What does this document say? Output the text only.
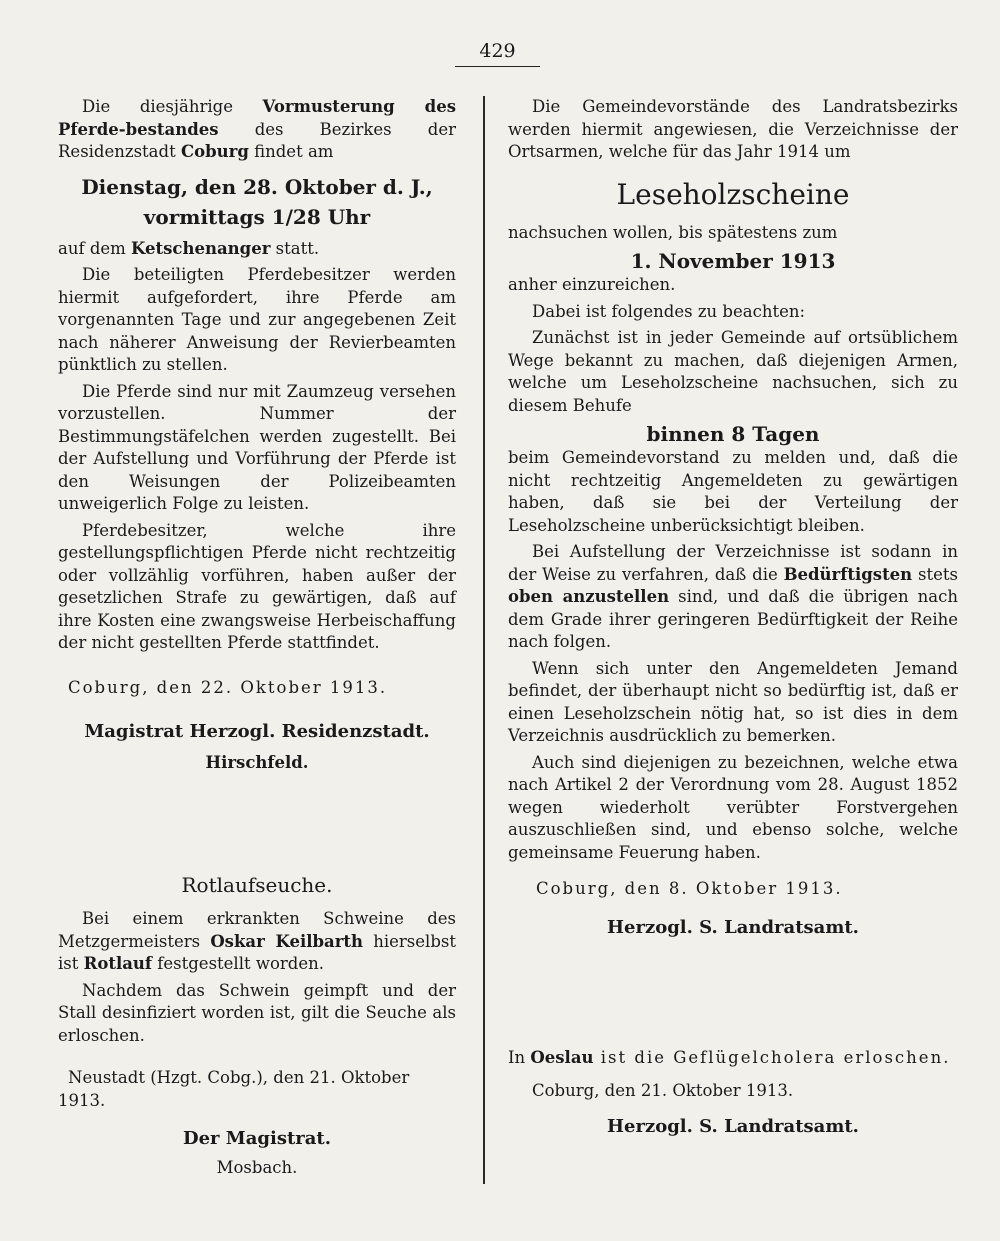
429

Die diesjährige Vormusterung des Pferde-bestandes des Bezirkes der Residenzstadt Coburg findet am

Dienstag, den 28. Oktober d. J.,
vormittags 1/28 Uhr

auf dem Ketschenanger statt.

Die beteiligten Pferdebesitzer werden hiermit aufgefordert, ihre Pferde am vorgenannten Tage und zur angegebenen Zeit nach näherer Anweisung der Revierbeamten pünktlich zu stellen.

Die Pferde sind nur mit Zaumzeug versehen vorzustellen. Nummer der Bestimmungstäfelchen werden zugestellt. Bei der Aufstellung und Vorführung der Pferde ist den Weisungen der Polizeibeamten unweigerlich Folge zu leisten.

Pferdebesitzer, welche ihre gestellungspflichtigen Pferde nicht rechtzeitig oder vollzählig vorführen, haben außer der gesetzlichen Strafe zu gewärtigen, daß auf ihre Kosten eine zwangsweise Herbeischaffung der nicht gestellten Pferde stattfindet.

Coburg, den 22. Oktober 1913.

Magistrat Herzogl. Residenzstadt.

Hirschfeld.

Rotlaufseuche.

Bei einem erkrankten Schweine des Metzgermeisters Oskar Keilbarth hierselbst ist Rotlauf festgestellt worden.

Nachdem das Schwein geimpft und der Stall desinfiziert worden ist, gilt die Seuche als erloschen.

Neustadt (Hzgt. Cobg.), den 21. Oktober 1913.

Der Magistrat.

Mosbach.

Die Gemeindevorstände des Landratsbezirks werden hiermit angewiesen, die Verzeichnisse der Ortsarmen, welche für das Jahr 1914 um

Leseholzscheine

nachsuchen wollen, bis spätestens zum

1. November 1913

anher einzureichen.

Dabei ist folgendes zu beachten:

Zunächst ist in jeder Gemeinde auf ortsüblichem Wege bekannt zu machen, daß diejenigen Armen, welche um Leseholzscheine nachsuchen, sich zu diesem Behufe

binnen 8 Tagen

beim Gemeindevorstand zu melden und, daß die nicht rechtzeitig Angemeldeten zu gewärtigen haben, daß sie bei der Verteilung der Leseholzscheine unberücksichtigt bleiben.

Bei Aufstellung der Verzeichnisse ist sodann in der Weise zu verfahren, daß die Bedürftigsten stets oben anzustellen sind, und daß die übrigen nach dem Grade ihrer geringeren Bedürftigkeit der Reihe nach folgen.

Wenn sich unter den Angemeldeten Jemand befindet, der überhaupt nicht so bedürftig ist, daß er einen Leseholzschein nötig hat, so ist dies in dem Verzeichnis ausdrücklich zu bemerken.

Auch sind diejenigen zu bezeichnen, welche etwa nach Artikel 2 der Verordnung vom 28. August 1852 wegen wiederholt verübter Forstvergehen auszuschließen sind, und ebenso solche, welche gemeinsame Feuerung haben.

Coburg, den 8. Oktober 1913.

Herzogl. S. Landratsamt.

In Oeslau ist die Geflügelcholera erloschen.

Coburg, den 21. Oktober 1913.

Herzogl. S. Landratsamt.
